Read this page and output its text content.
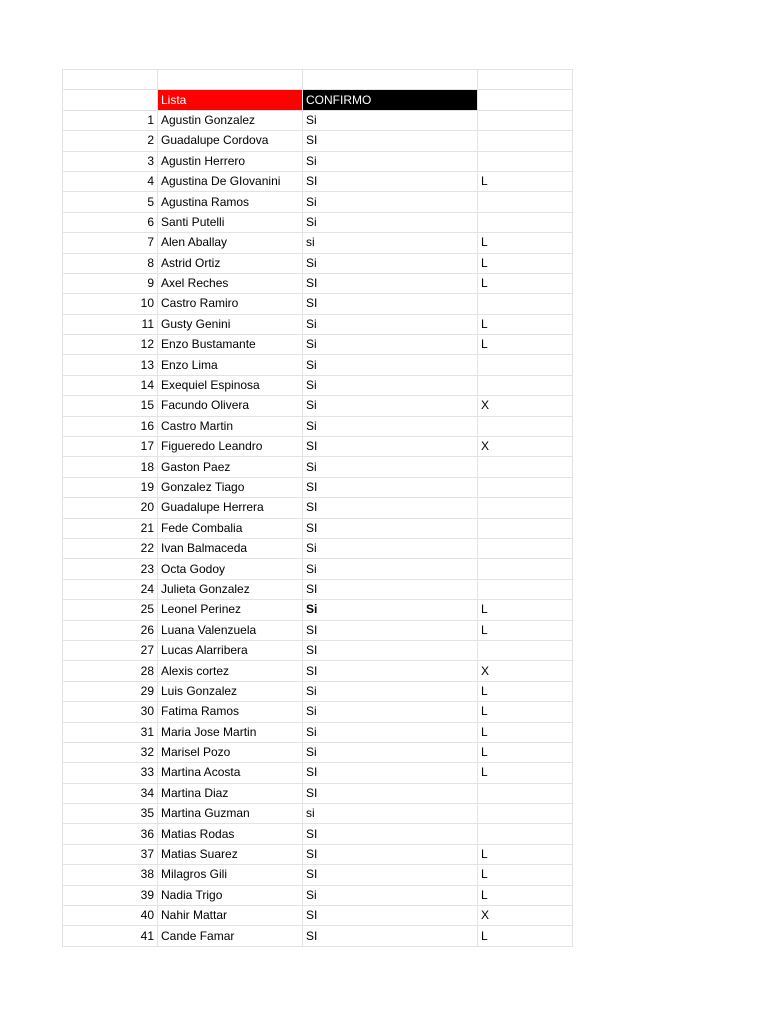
	Lista	CONFIRMO	
1	Agustin Gonzalez	Si	
2	Guadalupe Cordova	SI	
3	Agustin Herrero	Si	
4	Agustina De GIovanini	SI	L
5	Agustina Ramos	Si	
6	Santi Putelli	Si	
7	Alen Aballay	si	L
8	Astrid Ortiz	Si	L
9	Axel Reches	SI	L
10	Castro Ramiro	SI	
11	Gusty Genini	Si	L
12	Enzo Bustamante	Si	L
13	Enzo Lima	Si	
14	Exequiel Espinosa	Si	
15	Facundo Olivera	Si	X
16	Castro Martin	Si	
17	Figueredo Leandro	SI	X
18	Gaston Paez	Si	
19	Gonzalez Tiago	SI	
20	Guadalupe Herrera	SI	
21	Fede Combalia	SI	
22	Ivan Balmaceda	Si	
23	Octa Godoy	Si	
24	Julieta Gonzalez	SI	
25	Leonel Perinez	Si	L
26	Luana Valenzuela	SI	L
27	Lucas Alarribera	SI	
28	Alexis cortez	SI	X
29	Luis Gonzalez	Si	L
30	Fatima Ramos	Si	L
31	Maria Jose Martin	Si	L
32	Marisel Pozo	Si	L
33	Martina Acosta	SI	L
34	Martina Diaz	SI	
35	Martina Guzman	si	
36	Matias Rodas	SI	
37	Matias Suarez	SI	L
38	Milagros Gili	SI	L
39	Nadia Trigo	Si	L
40	Nahir Mattar	SI	X
41	Cande Famar	SI	L
